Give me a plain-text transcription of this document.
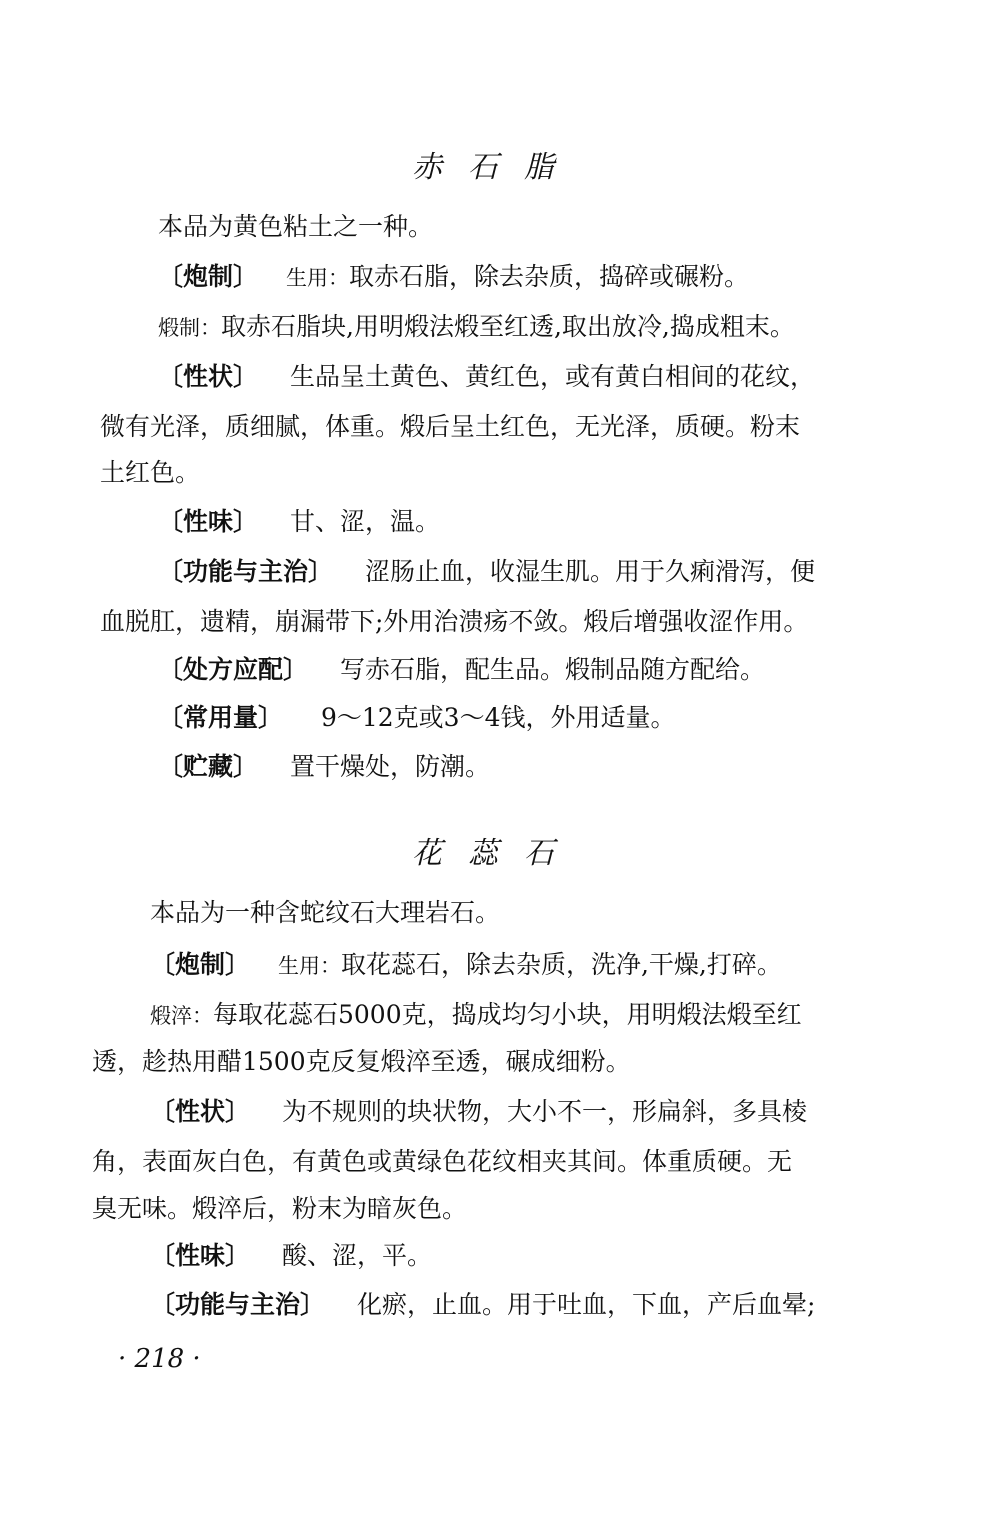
赤石脂
本品为黄色粘土之一种。
〔炮制〕 生用：取赤石脂，除去杂质，捣碎或碾粉。
煅制：取赤石脂块,用明煅法煅至红透,取出放冷,捣成粗末。
〔性状〕 生品呈土黄色、黄红色，或有黄白相间的花纹，
微有光泽，质细腻，体重。煅后呈土红色，无光泽，质硬。粉末
土红色。
〔性味〕 甘、涩，温。
〔功能与主治〕 涩肠止血，收湿生肌。用于久痢滑泻，便
血脱肛，遗精，崩漏带下;外用治溃疡不敛。煅后增强收涩作用。
〔处方应配〕 写赤石脂，配生品。煅制品随方配给。
〔常用量〕 9～12克或3～4钱，外用适量。
〔贮藏〕 置干燥处，防潮。
花蕊石
本品为一种含蛇纹石大理岩石。
〔炮制〕 生用：取花蕊石，除去杂质，洗净,干燥,打碎。
煅淬：每取花蕊石5000克，捣成均匀小块，用明煅法煅至红
透，趁热用醋1500克反复煅淬至透，碾成细粉。
〔性状〕 为不规则的块状物，大小不一，形扁斜，多具棱
角，表面灰白色，有黄色或黄绿色花纹相夹其间。体重质硬。无
臭无味。煅淬后，粉末为暗灰色。
〔性味〕 酸、涩，平。
〔功能与主治〕 化瘀，止血。用于吐血，下血，产后血晕;
· 218 ·
